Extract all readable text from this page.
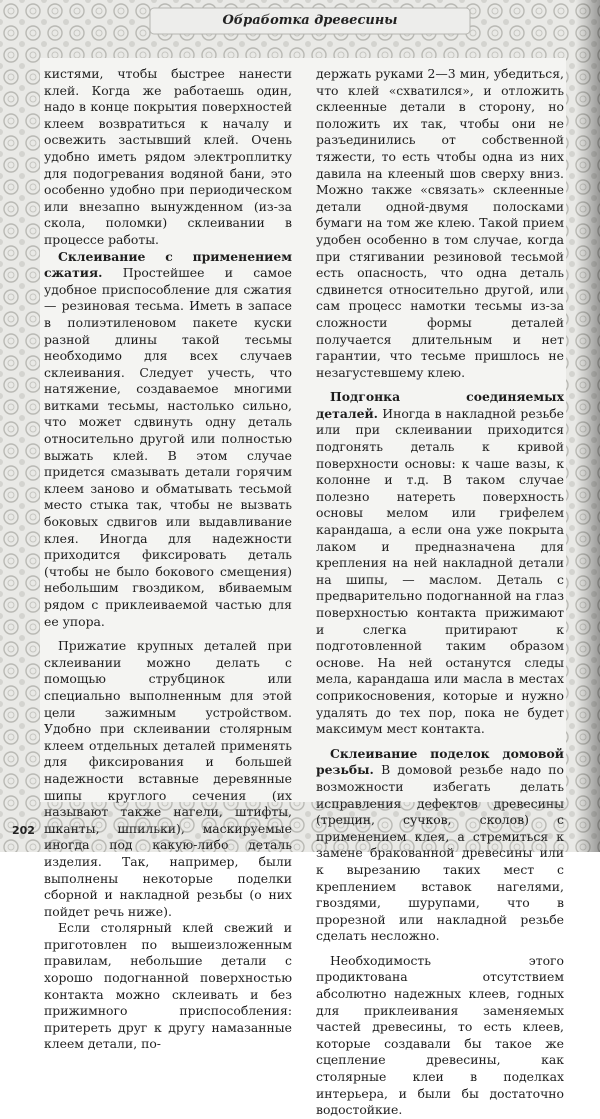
Обработка древесины

кистями, чтобы быстрее нанести клей. Когда же работаешь один, надо в конце покрытия поверхностей клеем возвратиться к началу и освежить застывший клей. Очень удобно иметь рядом электроплитку для подогревания водяной бани, это особенно удобно при периодическом или внезапно вынужденном (из-за скола, поломки) склеивании в процессе работы.

Склеивание с применением сжатия. Простейшее и самое удобное приспособление для сжатия — резиновая тесьма. Иметь в запасе в полиэтиленовом пакете куски разной длины такой тесьмы необходимо для всех случаев склеивания. Следует учесть, что натяжение, создаваемое многими витками тесьмы, настолько сильно, что может сдвинуть одну деталь относительно другой или полностью выжать клей. В этом случае придется смазывать детали горячим клеем заново и обматывать тесьмой место стыка так, чтобы не вызвать боковых сдвигов или выдавливание клея. Иногда для надежности приходится фиксировать деталь (чтобы не было бокового смещения) небольшим гвоздиком, вбиваемым рядом с приклеиваемой частью для ее упора.

Прижатие крупных деталей при склеивании можно делать с помощью струбцинок или специально выполненным для этой цели зажимным устройством. Удобно при склеивании столярным клеем отдельных деталей применять для фиксирования и большей надежности вставные деревянные шипы круглого сечения (их называют также нагели, штифты, шканты, шпильки), маскируемые иногда под какую-либо деталь изделия. Так, например, были выполнены некоторые поделки сборной и накладной резьбы (о них пойдет речь ниже).

Если столярный клей свежий и приготовлен по вышеизложенным правилам, небольшие детали с хорошо подогнанной поверхностью контакта можно склеивать и без прижимного приспособления: притереть друг к другу намазанные клеем детали, по-

держать руками 2—3 мин, убедиться, что клей «схватился», и отложить склеенные детали в сторону, но положить их так, чтобы они не разъединились от собственной тяжести, то есть чтобы одна из них давила на клееный шов сверху вниз. Можно также «связать» склеенные детали одной-двумя полосками бумаги на том же клею. Такой прием удобен особенно в том случае, когда при стягивании резиновой тесьмой есть опасность, что одна деталь сдвинется относительно другой, или сам процесс намотки тесьмы из-за сложности формы деталей получается длительным и нет гарантии, что тесьме пришлось не незагустевшему клею.

Подгонка соединяемых деталей. Иногда в накладной резьбе или при склеивании приходится подгонять деталь к кривой поверхности основы: к чаше вазы, к колонне и т.д. В таком случае полезно натереть поверхность основы мелом или грифелем карандаша, а если она уже покрыта лаком и предназначена для крепления на ней накладной детали на шипы, — маслом. Деталь с предварительно подогнанной на глаз поверхностью контакта прижимают и слегка притирают к подготовленной таким образом основе. На ней останутся следы мела, карандаша или масла в местах соприкосновения, которые и нужно удалять до тех пор, пока не будет максимум мест контакта.

Склеивание поделок домовой резьбы. В домовой резьбе надо по возможности избегать делать исправления дефектов древесины (трещин, сучков, сколов) с применением клея, а стремиться к замене бракованной древесины или к вырезанию таких мест с креплением вставок нагелями, гвоздями, шурупами, что в прорезной или накладной резьбе сделать несложно.

Необходимость этого продиктована отсутствием абсолютно надежных клеев, годных для приклеивания заменяемых частей древесины, то есть клеев, которые создавали бы такое же сцепление древесины, как столярные клеи в поделках интерьера, и были бы достаточно водостойкие.

202
